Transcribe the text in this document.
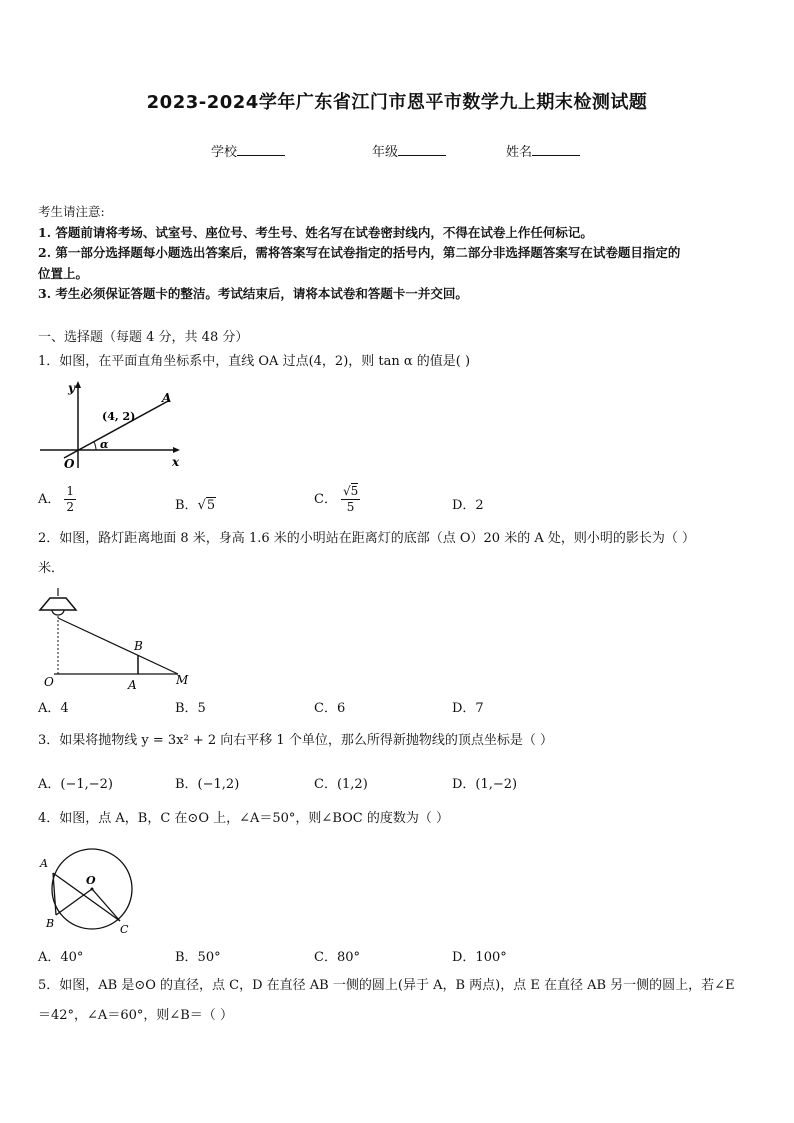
2023-2024学年广东省江门市恩平市数学九上期末检测试题
学校	年级	姓名

考生请注意:

1. 答题前请将考场、试室号、座位号、考生号、姓名写在试卷密封线内，不得在试卷上作任何标记。

2. 第一部分选择题每小题选出答案后，需将答案写在试卷指定的括号内，第二部分非选择题答案写在试卷题目指定的

位置上。

3. 考生必须保证答题卡的整洁。考试结束后，请将本试卷和答题卡一并交回。

一、选择题（每题 4 分，共 48 分）
1．如图，在平面直角坐标系中，直线 OA 过点(4，2)，则 tan α 的值是( )
y
x
O
A
(4, 2)
α
A． $\frac{1}{2}$	B．√5	C． $\frac{√5}{5}$	D．2
2．如图，路灯距离地面 8 米，身高 1.6 米的小明站在距离灯的底部（点 O）20 米的 A 处，则小明的影长为（ ）
米．
O	A
B
M
A．4	B．5	C．6	D．7
3．如果将抛物线 y = 3x² + 2 向右平移 1 个单位，那么所得新抛物线的顶点坐标是（ ）
A．(−1,−2)	B．(−1,2)	C．(1,2)	D．(1,−2)
4．如图，点 A，B，C 在⊙O 上，∠A＝50°，则∠BOC 的度数为（ ）
A
B	C
O
A．40°	B．50°	C．80°	D．100°
5．如图，AB 是⊙O 的直径，点 C，D 在直径 AB 一侧的圆上(异于 A，B 两点)，点 E 在直径 AB 另一侧的圆上，若∠E
＝42°，∠A＝60°，则∠B＝（ ）
